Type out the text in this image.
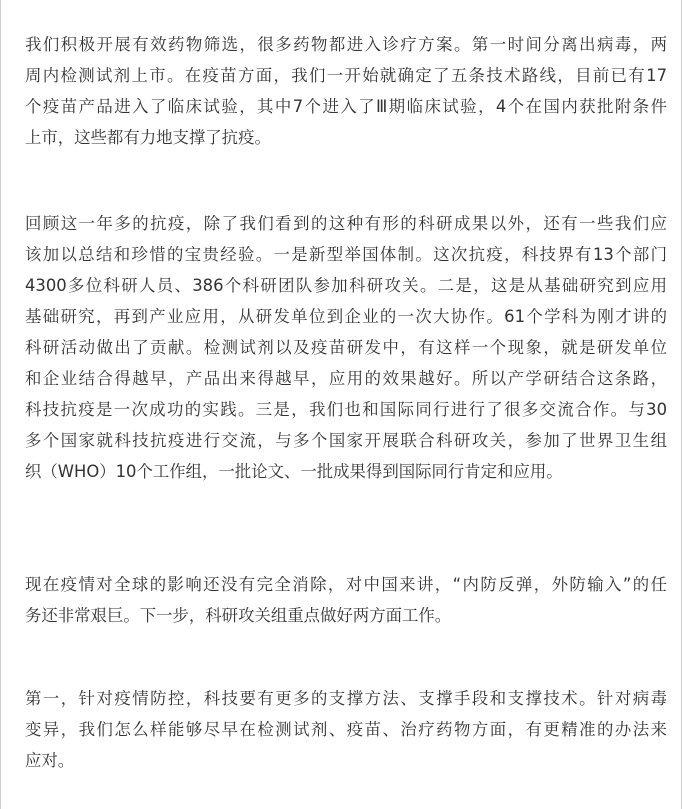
我们积极开展有效药物筛选，很多药物都进入诊疗方案。第一时间分离出病毒，两
周内检测试剂上市。在疫苗方面，我们一开始就确定了五条技术路线，目前已有17
个疫苗产品进入了临床试验，其中7个进入了Ⅲ期临床试验，4个在国内获批附条件
上市，这些都有力地支撑了抗疫。
回顾这一年多的抗疫，除了我们看到的这种有形的科研成果以外，还有一些我们应
该加以总结和珍惜的宝贵经验。一是新型举国体制。这次抗疫，科技界有13个部门
4300多位科研人员、386个科研团队参加科研攻关。二是，这是从基础研究到应用
基础研究，再到产业应用，从研发单位到企业的一次大协作。61个学科为刚才讲的
科研活动做出了贡献。检测试剂以及疫苗研发中，有这样一个现象，就是研发单位
和企业结合得越早，产品出来得越早，应用的效果越好。所以产学研结合这条路，
科技抗疫是一次成功的实践。三是，我们也和国际同行进行了很多交流合作。与30
多个国家就科技抗疫进行交流，与多个国家开展联合科研攻关，参加了世界卫生组
织（WHO）10个工作组，一批论文、一批成果得到国际同行肯定和应用。
现在疫情对全球的影响还没有完全消除，对中国来讲，“内防反弹，外防输入”的任
务还非常艰巨。下一步，科研攻关组重点做好两方面工作。
第一，针对疫情防控，科技要有更多的支撑方法、支撑手段和支撑技术。针对病毒
变异，我们怎么样能够尽早在检测试剂、疫苗、治疗药物方面，有更精准的办法来
应对。
